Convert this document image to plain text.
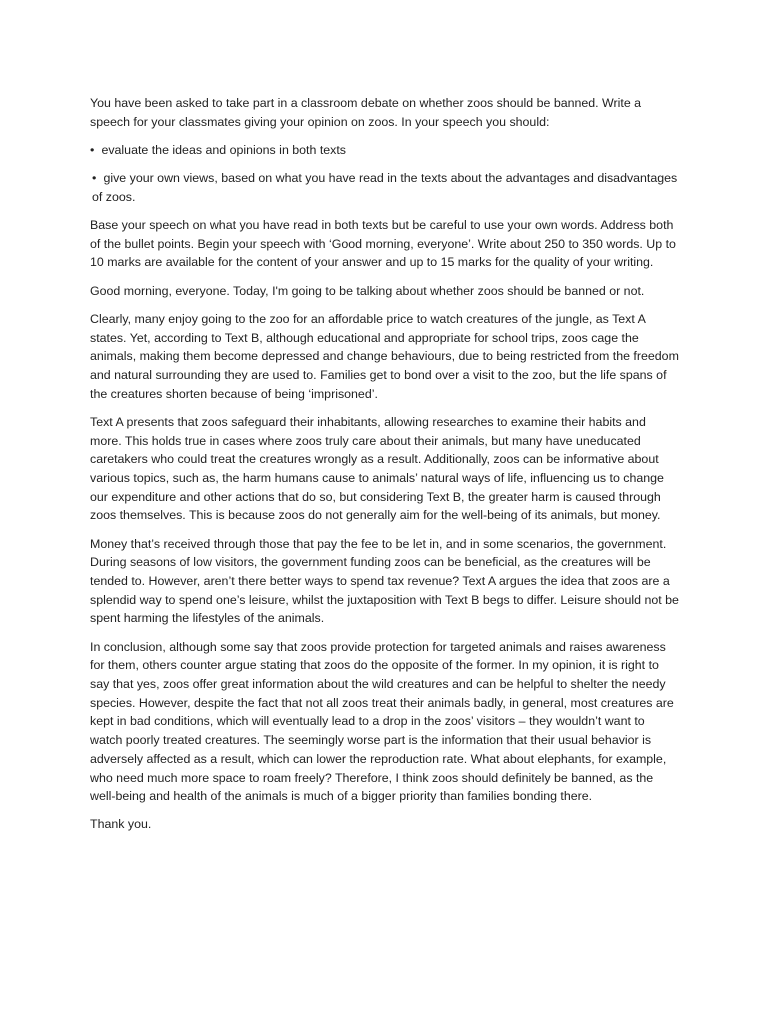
You have been asked to take part in a classroom debate on whether zoos should be banned. Write a speech for your classmates giving your opinion on zoos. In your speech you should:

• evaluate the ideas and opinions in both texts

• give your own views, based on what you have read in the texts about the advantages and disadvantages of zoos.

Base your speech on what you have read in both texts but be careful to use your own words. Address both of the bullet points. Begin your speech with ‘Good morning, everyone’. Write about 250 to 350 words. Up to 10 marks are available for the content of your answer and up to 15 marks for the quality of your writing.

Good morning, everyone. Today, I'm going to be talking about whether zoos should be banned or not.

Clearly, many enjoy going to the zoo for an affordable price to watch creatures of the jungle, as Text A states. Yet, according to Text B, although educational and appropriate for school trips, zoos cage the animals, making them become depressed and change behaviours, due to being restricted from the freedom and natural surrounding they are used to. Families get to bond over a visit to the zoo, but the life spans of the creatures shorten because of being ‘imprisoned’.

Text A presents that zoos safeguard their inhabitants, allowing researches to examine their habits and more. This holds true in cases where zoos truly care about their animals, but many have uneducated caretakers who could treat the creatures wrongly as a result. Additionally, zoos can be informative about various topics, such as, the harm humans cause to animals’ natural ways of life, influencing us to change our expenditure and other actions that do so, but considering Text B, the greater harm is caused through zoos themselves. This is because zoos do not generally aim for the well-being of its animals, but money.

Money that’s received through those that pay the fee to be let in, and in some scenarios, the government. During seasons of low visitors, the government funding zoos can be beneficial, as the creatures will be tended to. However, aren’t there better ways to spend tax revenue? Text A argues the idea that zoos are a splendid way to spend one’s leisure, whilst the juxtaposition with Text B begs to differ. Leisure should not be spent harming the lifestyles of the animals.

In conclusion, although some say that zoos provide protection for targeted animals and raises awareness for them, others counter argue stating that zoos do the opposite of the former. In my opinion, it is right to say that yes, zoos offer great information about the wild creatures and can be helpful to shelter the needy species. However, despite the fact that not all zoos treat their animals badly, in general, most creatures are kept in bad conditions, which will eventually lead to a drop in the zoos’ visitors – they wouldn’t want to watch poorly treated creatures. The seemingly worse part is the information that their usual behavior is adversely affected as a result, which can lower the reproduction rate. What about elephants, for example, who need much more space to roam freely? Therefore, I think zoos should definitely be banned, as the well-being and health of the animals is much of a bigger priority than families bonding there.

Thank you.
